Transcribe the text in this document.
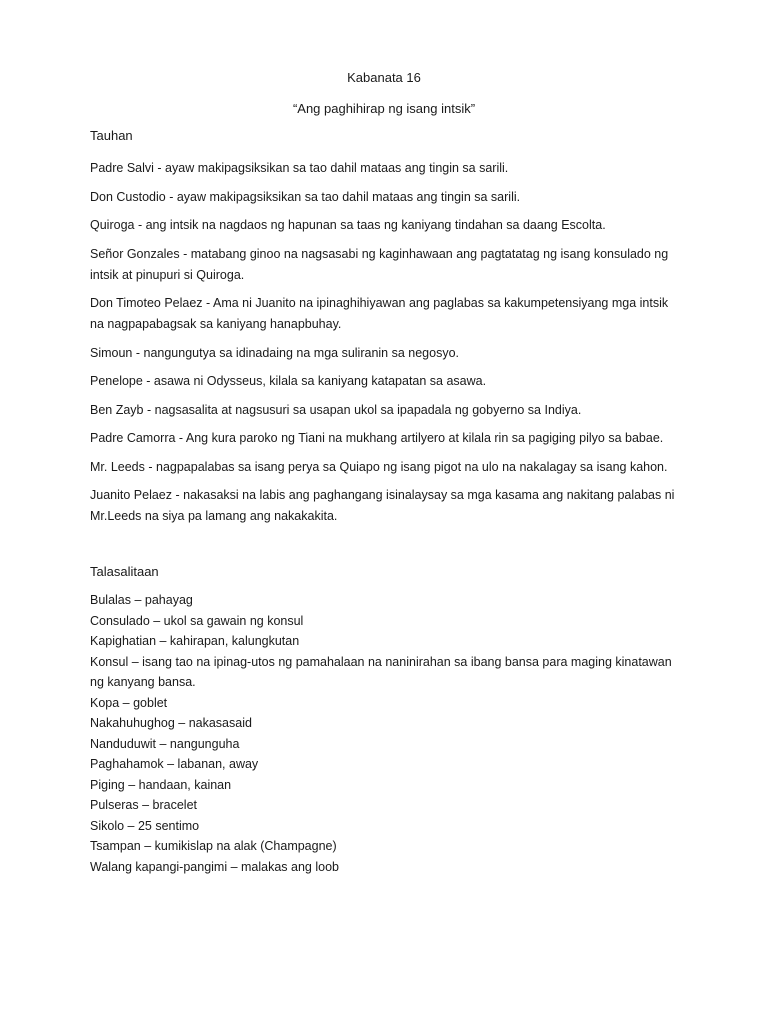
Kabanata 16
“Ang paghihirap ng isang intsik”
Tauhan
Padre Salvi - ayaw makipagsiksikan sa tao dahil mataas ang tingin sa sarili.
Don Custodio - ayaw makipagsiksikan sa tao dahil mataas ang tingin sa sarili.
Quiroga - ang intsik na nagdaos ng hapunan sa taas ng kaniyang tindahan sa daang Escolta.
Señor Gonzales - matabang ginoo na nagsasabi ng kaginhawaan ang pagtatatag ng isang konsulado ng intsik at pinupuri si Quiroga.
Don Timoteo Pelaez - Ama ni Juanito na ipinaghihiyawan ang paglabas sa kakumpetensiyang mga intsik na nagpapabagsak sa kaniyang hanapbuhay.
Simoun - nangungutya sa idinadaing na mga suliranin sa negosyo.
Penelope - asawa ni Odysseus, kilala sa kaniyang katapatan sa asawa.
Ben Zayb - nagsasalita at nagsusuri sa usapan ukol sa ipapadala ng gobyerno sa Indiya.
Padre Camorra - Ang kura paroko ng Tiani na mukhang artilyero at kilala rin sa pagiging pilyo sa babae.
Mr. Leeds - nagpapalabas sa isang perya sa Quiapo ng isang pigot na ulo na nakalagay sa isang kahon.
Juanito Pelaez - nakasaksi na labis ang paghangang isinalaysay sa mga kasama ang nakitang palabas ni Mr.Leeds na siya pa lamang ang nakakakita.
Talasalitaan
Bulalas – pahayag
Consulado – ukol sa gawain ng konsul
Kapighatian – kahirapan, kalungkutan
Konsul – isang tao na ipinag-utos ng pamahalaan na naninirahan sa ibang bansa para maging kinatawan ng kanyang bansa.
Kopa – goblet
Nakahuhughog – nakasasaid
Nanduduwit – nangunguha
Paghahamok – labanan, away
Piging – handaan, kainan
Pulseras – bracelet
Sikolo – 25 sentimo
Tsampan – kumikislap na alak (Champagne)
Walang kapangi-pangimi – malakas ang loob
